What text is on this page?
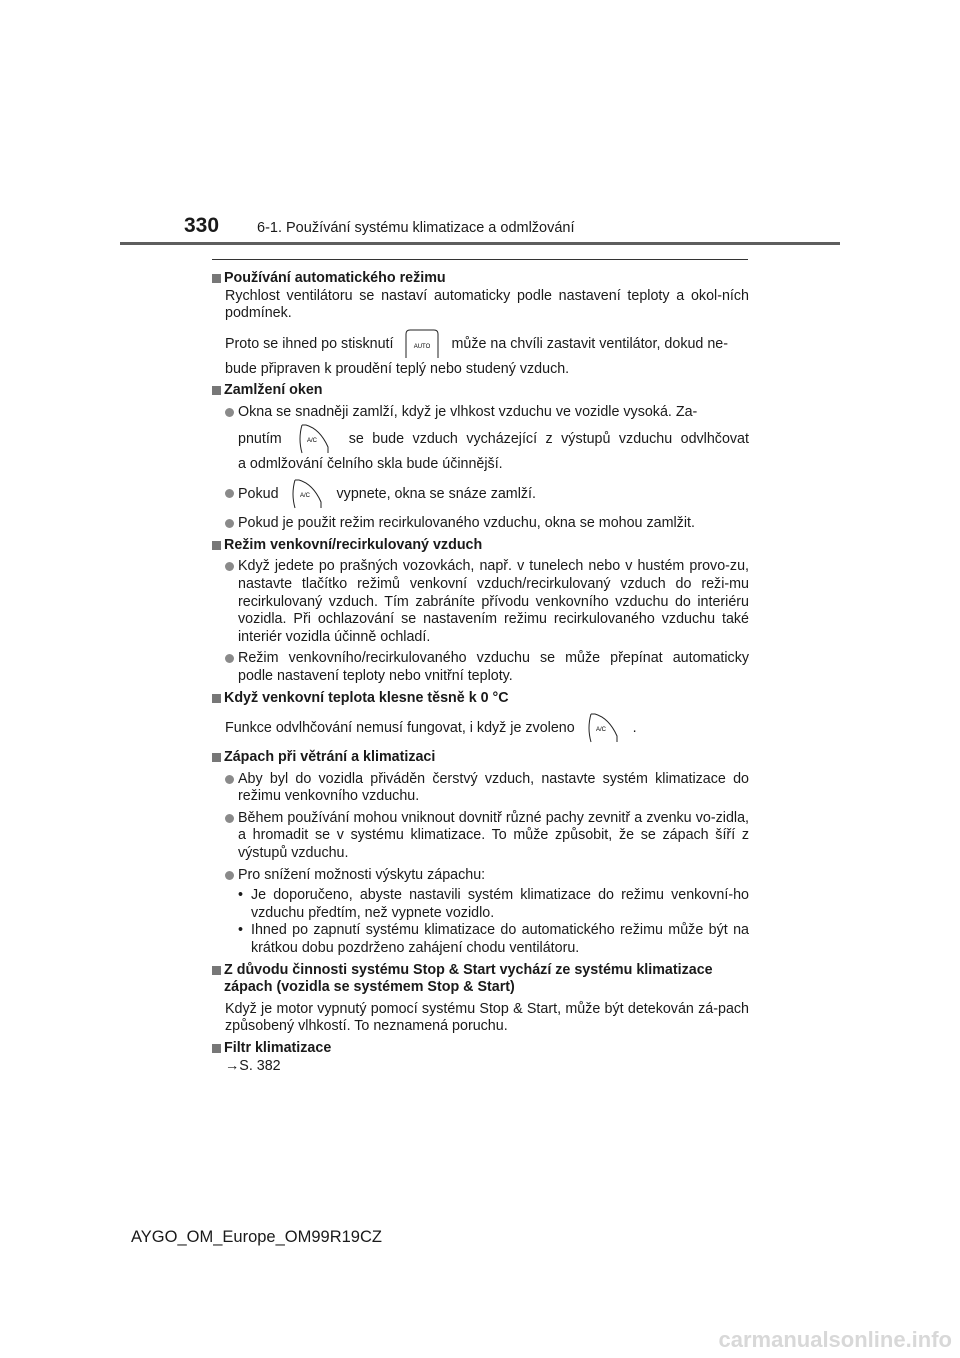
330	6-1. Používání systému klimatizace a odmlžování
Používání automatického režimu
Rychlost ventilátoru se nastaví automaticky podle nastavení teploty a okol-ních podmínek.
Proto se ihned po stisknutí	AUTO může na chvíli zastavit ventilátor, dokud ne-
bude připraven k proudění teplý nebo studený vzduch.
Zamlžení oken
Okna se snadněji zamlží, když je vlhkost vzduchu ve vozidle vysoká. Za-
pnutím	A/C se bude vzduch vycházející z výstupů vzduchu odvlhčovat
a odmlžování čelního skla bude účinnější.
Pokud	A/C vypnete, okna se snáze zamlží.
Pokud je použit režim recirkulovaného vzduchu, okna se mohou zamlžit.
Režim venkovní/recirkulovaný vzduch
Když jedete po prašných vozovkách, např. v tunelech nebo v hustém provo-zu, nastavte tlačítko režimů venkovní vzduch/recirkulovaný vzduch do reži-mu recirkulovaný vzduch. Tím zabráníte přívodu venkovního vzduchu do interiéru vozidla. Při ochlazování se nastavením režimu recirkulovaného vzduchu také interiér vozidla účinně ochladí.
Režim venkovního/recirkulovaného vzduchu se může přepínat automaticky podle nastavení teploty nebo vnitřní teploty.
Když venkovní teplota klesne těsně k 0 °C
Funkce odvlhčování nemusí fungovat, i když je zvoleno	A/C .
Zápach při větrání a klimatizaci
Aby byl do vozidla přiváděn čerstvý vzduch, nastavte systém klimatizace do režimu venkovního vzduchu.
Během používání mohou vniknout dovnitř různé pachy zevnitř a zvenku vo-zidla, a hromadit se v systému klimatizace. To může způsobit, že se zápach šíří z výstupů vzduchu.
Pro snížení možnosti výskytu zápachu:
• Je doporučeno, abyste nastavili systém klimatizace do režimu venkovní-ho vzduchu předtím, než vypnete vozidlo.
• Ihned po zapnutí systému klimatizace do automatického režimu může být na krátkou dobu pozdrženo zahájení chodu ventilátoru.
Z důvodu činnosti systému Stop & Start vychází ze systému klimatizace zápach (vozidla se systémem Stop & Start)
Když je motor vypnutý pomocí systému Stop & Start, může být detekován zá-pach způsobený vlhkostí. To neznamená poruchu.
Filtr klimatizace
→S. 382
AYGO_OM_Europe_OM99R19CZ
carmanualsonline.info
